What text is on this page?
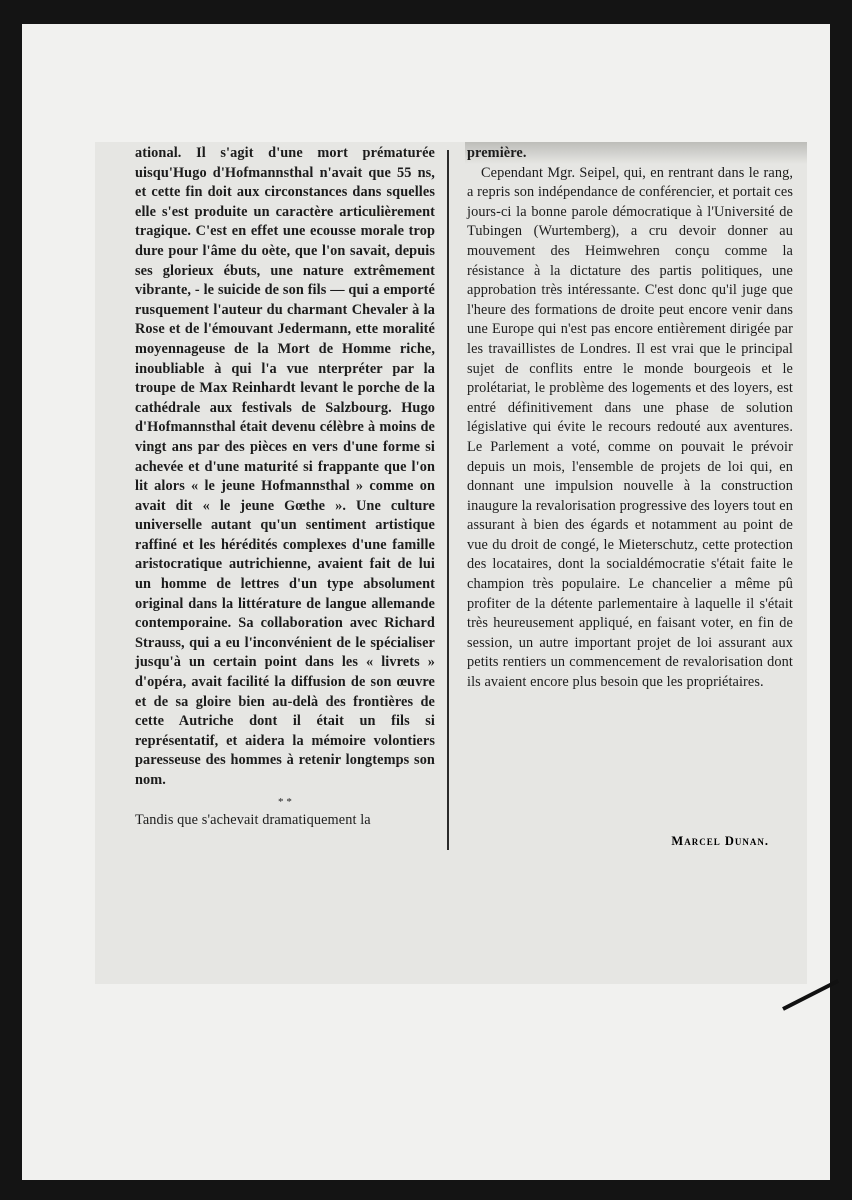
ational. Il s'agit d'une mort prématurée uisqu'Hugo d'Hofmannsthal n'avait que 55 ns, et cette fin doit aux circonstances dans squelles elle s'est produite un caractère articulièrement tragique. C'est en effet une ecousse morale trop dure pour l'âme du oète, que l'on savait, depuis ses glorieux ébuts, une nature extrêmement vibrante, - le suicide de son fils — qui a emporté rusquement l'auteur du charmant Chevaler à la Rose et de l'émouvant Jedermann, ette moralité moyennageuse de la Mort de Homme riche, inoubliable à qui l'a vue nterpréter par la troupe de Max Reinhardt levant le porche de la cathédrale aux festivals de Salzbourg. Hugo d'Hofmannsthal était devenu célèbre à moins de vingt ans par des pièces en vers d'une forme si achevée et d'une maturité si frappante que l'on lit alors « le jeune Hofmannsthal » comme on avait dit « le jeune Gœthe ». Une culture universelle autant qu'un sentiment artistique raffiné et les hérédités complexes d'une famille aristocratique autrichienne, avaient fait de lui un homme de lettres d'un type absolument original dans la littérature de langue allemande contemporaine. Sa collaboration avec Richard Strauss, qui a eu l'inconvénient de le spécialiser jusqu'à un certain point dans les « livrets » d'opéra, avait facilité la diffusion de son œuvre et de sa gloire bien au-delà des frontières de cette Autriche dont il était un fils si représentatif, et aidera la mémoire volontiers paresseuse des hommes à retenir longtemps son nom.

* *

Tandis que s'achevait dramatiquement la

première.

Cependant Mgr. Seipel, qui, en rentrant dans le rang, a repris son indépendance de conférencier, et portait ces jours-ci la bonne parole démocratique à l'Université de Tubingen (Wurtemberg), a cru devoir donner au mouvement des Heimwehren conçu comme la résistance à la dictature des partis politiques, une approbation très intéressante. C'est donc qu'il juge que l'heure des formations de droite peut encore venir dans une Europe qui n'est pas encore entièrement dirigée par les travaillistes de Londres. Il est vrai que le principal sujet de conflits entre le monde bourgeois et le prolétariat, le problème des logements et des loyers, est entré définitivement dans une phase de solution législative qui évite le recours redouté aux aventures. Le Parlement a voté, comme on pouvait le prévoir depuis un mois, l'ensemble de projets de loi qui, en donnant une impulsion nouvelle à la construction inaugure la revalorisation progressive des loyers tout en assurant à bien des égards et notamment au point de vue du droit de congé, le Mieterschutz, cette protection des locataires, dont la socialdémocratie s'était faite le champion très populaire. Le chancelier a même pû profiter de la détente parlementaire à laquelle il s'était très heureusement appliqué, en faisant voter, en fin de session, un autre important projet de loi assurant aux petits rentiers un commencement de revalorisation dont ils avaient encore plus besoin que les propriétaires.

Marcel Dunan.
